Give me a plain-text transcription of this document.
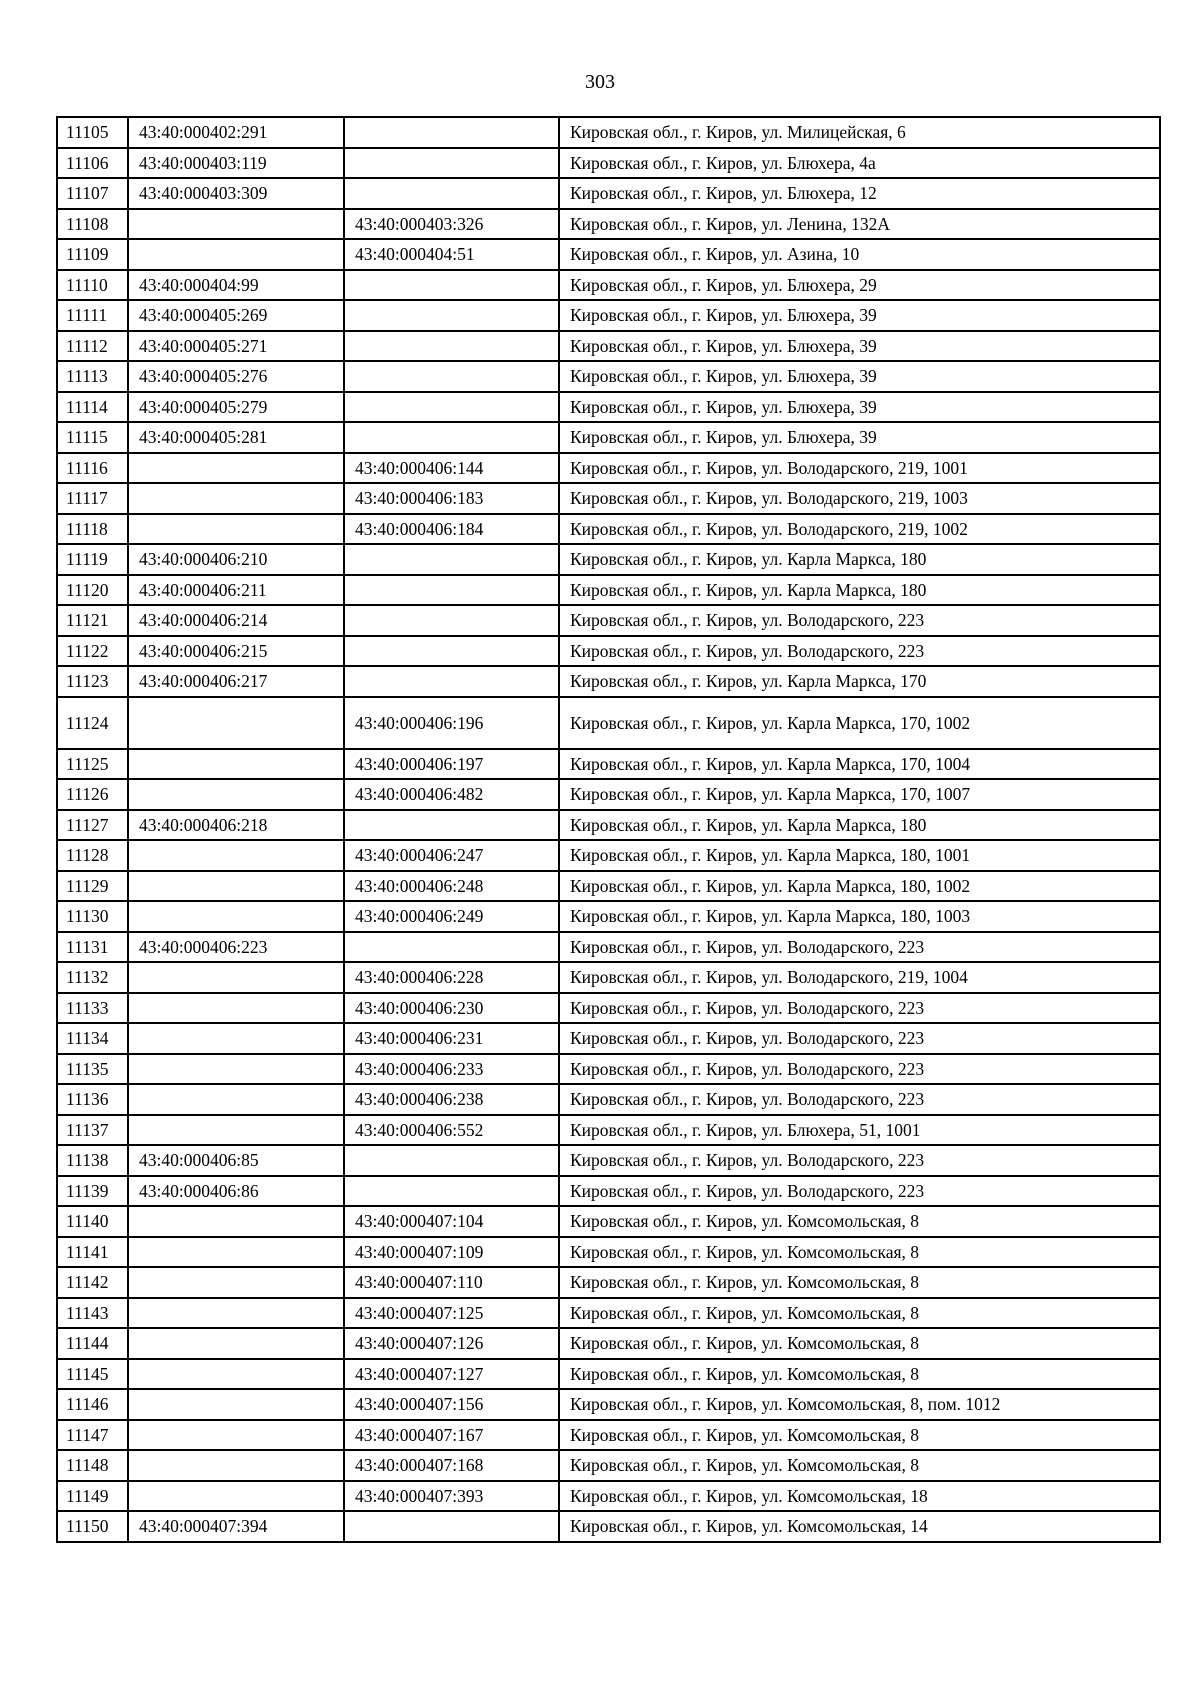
303
11105	43:40:000402:291		Кировская обл., г. Киров, ул. Милицейская, 6
11106	43:40:000403:119		Кировская обл., г. Киров, ул. Блюхера, 4а
11107	43:40:000403:309		Кировская обл., г. Киров, ул. Блюхера, 12
11108		43:40:000403:326	Кировская обл., г. Киров, ул. Ленина, 132А
11109		43:40:000404:51	Кировская обл., г. Киров, ул. Азина, 10
11110	43:40:000404:99		Кировская обл., г. Киров, ул. Блюхера, 29
11111	43:40:000405:269		Кировская обл., г. Киров, ул. Блюхера, 39
11112	43:40:000405:271		Кировская обл., г. Киров, ул. Блюхера, 39
11113	43:40:000405:276		Кировская обл., г. Киров, ул. Блюхера, 39
11114	43:40:000405:279		Кировская обл., г. Киров, ул. Блюхера, 39
11115	43:40:000405:281		Кировская обл., г. Киров, ул. Блюхера, 39
11116		43:40:000406:144	Кировская обл., г. Киров, ул. Володарского, 219, 1001
11117		43:40:000406:183	Кировская обл., г. Киров, ул. Володарского, 219, 1003
11118		43:40:000406:184	Кировская обл., г. Киров, ул. Володарского, 219, 1002
11119	43:40:000406:210		Кировская обл., г. Киров, ул. Карла Маркса, 180
11120	43:40:000406:211		Кировская обл., г. Киров, ул. Карла Маркса, 180
11121	43:40:000406:214		Кировская обл., г. Киров, ул. Володарского, 223
11122	43:40:000406:215		Кировская обл., г. Киров, ул. Володарского, 223
11123	43:40:000406:217		Кировская обл., г. Киров, ул. Карла Маркса, 170
11124		43:40:000406:196	Кировская обл., г. Киров, ул. Карла Маркса, 170, 1002
11125		43:40:000406:197	Кировская обл., г. Киров, ул. Карла Маркса, 170, 1004
11126		43:40:000406:482	Кировская обл., г. Киров, ул. Карла Маркса, 170, 1007
11127	43:40:000406:218		Кировская обл., г. Киров, ул. Карла Маркса, 180
11128		43:40:000406:247	Кировская обл., г. Киров, ул. Карла Маркса, 180, 1001
11129		43:40:000406:248	Кировская обл., г. Киров, ул. Карла Маркса, 180, 1002
11130		43:40:000406:249	Кировская обл., г. Киров, ул. Карла Маркса, 180, 1003
11131	43:40:000406:223		Кировская обл., г. Киров, ул. Володарского, 223
11132		43:40:000406:228	Кировская обл., г. Киров, ул. Володарского, 219, 1004
11133		43:40:000406:230	Кировская обл., г. Киров, ул. Володарского, 223
11134		43:40:000406:231	Кировская обл., г. Киров, ул. Володарского, 223
11135		43:40:000406:233	Кировская обл., г. Киров, ул. Володарского, 223
11136		43:40:000406:238	Кировская обл., г. Киров, ул. Володарского, 223
11137		43:40:000406:552	Кировская обл., г. Киров, ул. Блюхера, 51, 1001
11138	43:40:000406:85		Кировская обл., г. Киров, ул. Володарского, 223
11139	43:40:000406:86		Кировская обл., г. Киров, ул. Володарского, 223
11140		43:40:000407:104	Кировская обл., г. Киров, ул. Комсомольская, 8
11141		43:40:000407:109	Кировская обл., г. Киров, ул. Комсомольская, 8
11142		43:40:000407:110	Кировская обл., г. Киров, ул. Комсомольская, 8
11143		43:40:000407:125	Кировская обл., г. Киров, ул. Комсомольская, 8
11144		43:40:000407:126	Кировская обл., г. Киров, ул. Комсомольская, 8
11145		43:40:000407:127	Кировская обл., г. Киров, ул. Комсомольская, 8
11146		43:40:000407:156	Кировская обл., г. Киров, ул. Комсомольская, 8, пом. 1012
11147		43:40:000407:167	Кировская обл., г. Киров, ул. Комсомольская, 8
11148		43:40:000407:168	Кировская обл., г. Киров, ул. Комсомольская, 8
11149		43:40:000407:393	Кировская обл., г. Киров, ул. Комсомольская, 18
11150	43:40:000407:394		Кировская обл., г. Киров, ул. Комсомольская, 14
